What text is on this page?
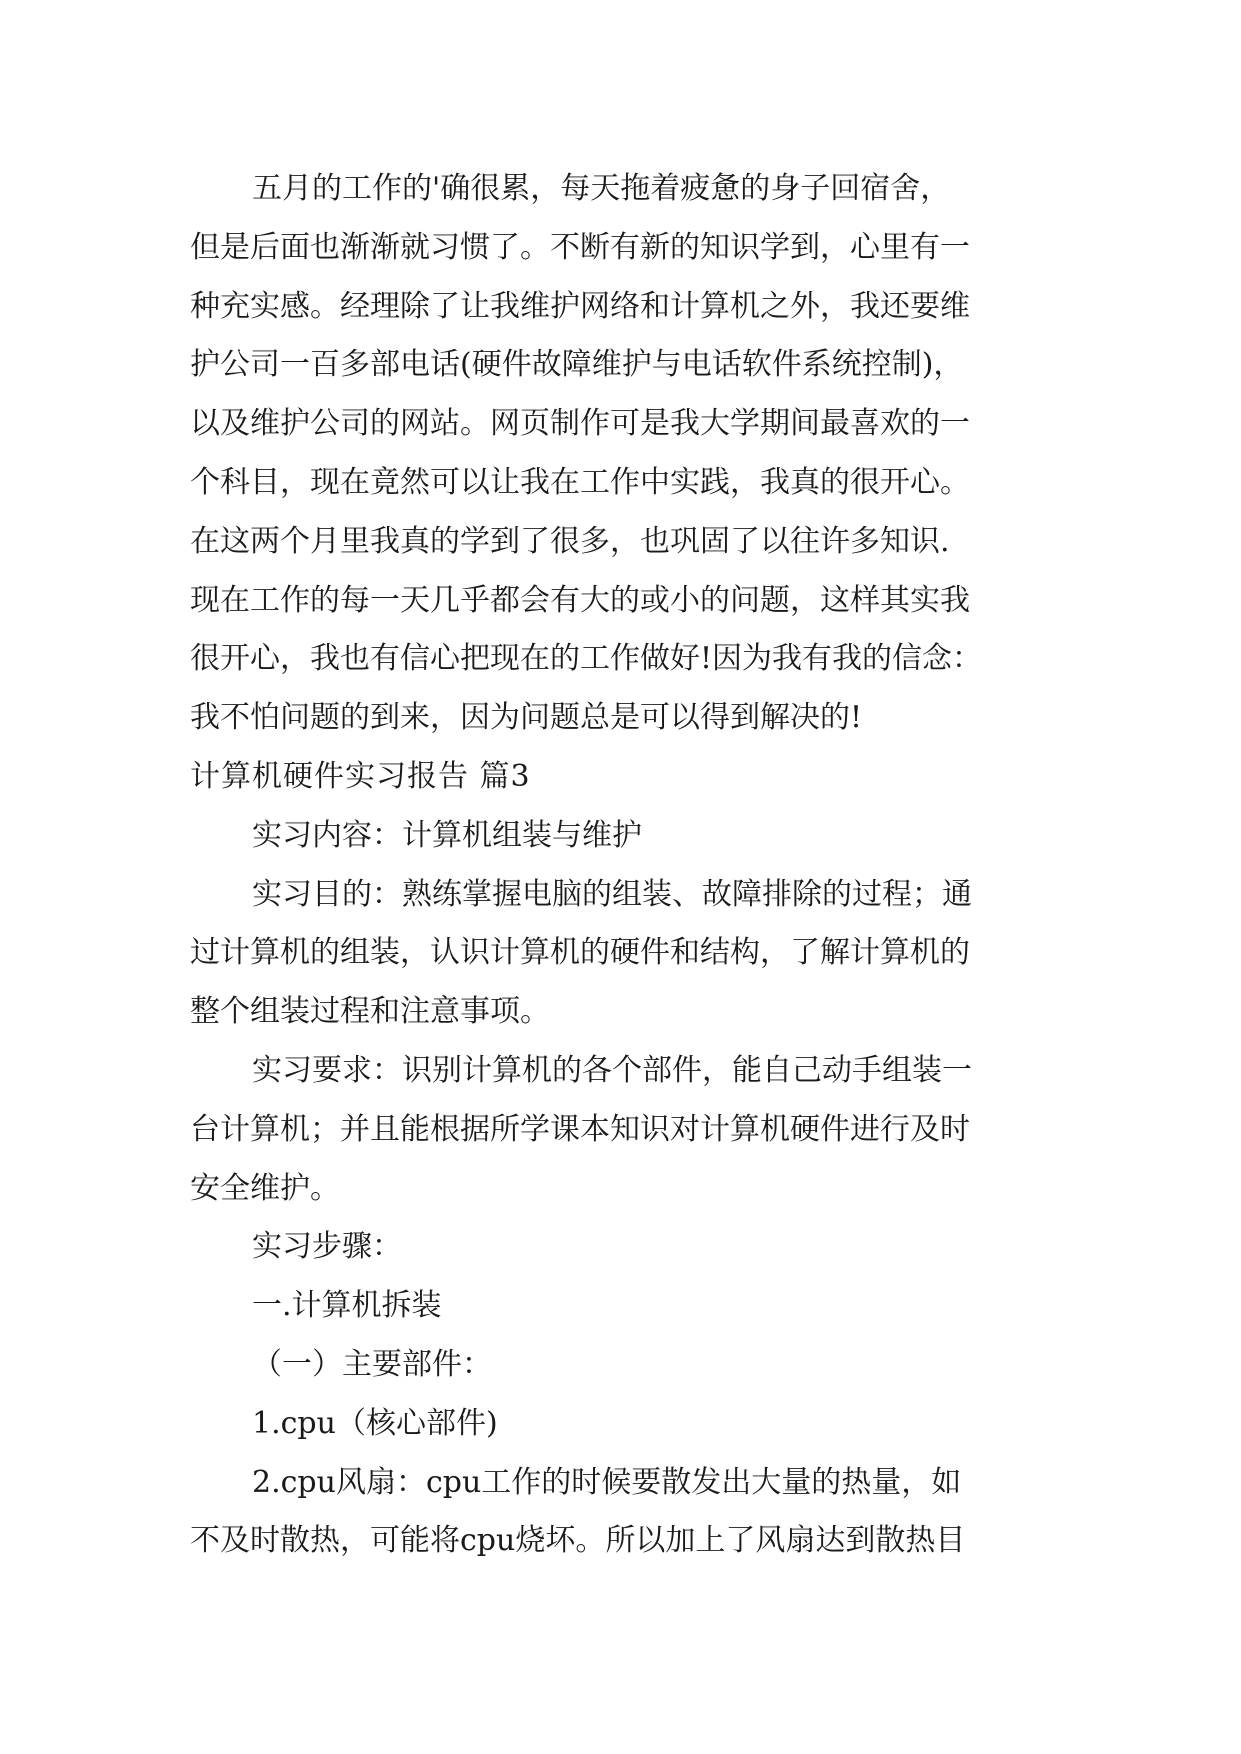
五月的工作的'确很累，每天拖着疲惫的身子回宿舍，
但是后面也渐渐就习惯了。不断有新的知识学到，心里有一
种充实感。经理除了让我维护网络和计算机之外，我还要维
护公司一百多部电话(硬件故障维护与电话软件系统控制)，
以及维护公司的网站。网页制作可是我大学期间最喜欢的一
个科目，现在竟然可以让我在工作中实践，我真的很开心。
在这两个月里我真的学到了很多，也巩固了以往许多知识.
现在工作的每一天几乎都会有大的或小的问题，这样其实我
很开心，我也有信心把现在的工作做好!因为我有我的信念：
我不怕问题的到来，因为问题总是可以得到解决的!
计算机硬件实习报告 篇3
实习内容：计算机组装与维护
实习目的：熟练掌握电脑的组装、故障排除的过程；通
过计算机的组装，认识计算机的硬件和结构，了解计算机的
整个组装过程和注意事项。
实习要求：识别计算机的各个部件，能自己动手组装一
台计算机；并且能根据所学课本知识对计算机硬件进行及时
安全维护。
实习步骤：
一.计算机拆装
（一）主要部件：
1.cpu（核心部件)
2.cpu风扇：cpu工作的时候要散发出大量的热量，如
不及时散热，可能将cpu烧坏。所以加上了风扇达到散热目
